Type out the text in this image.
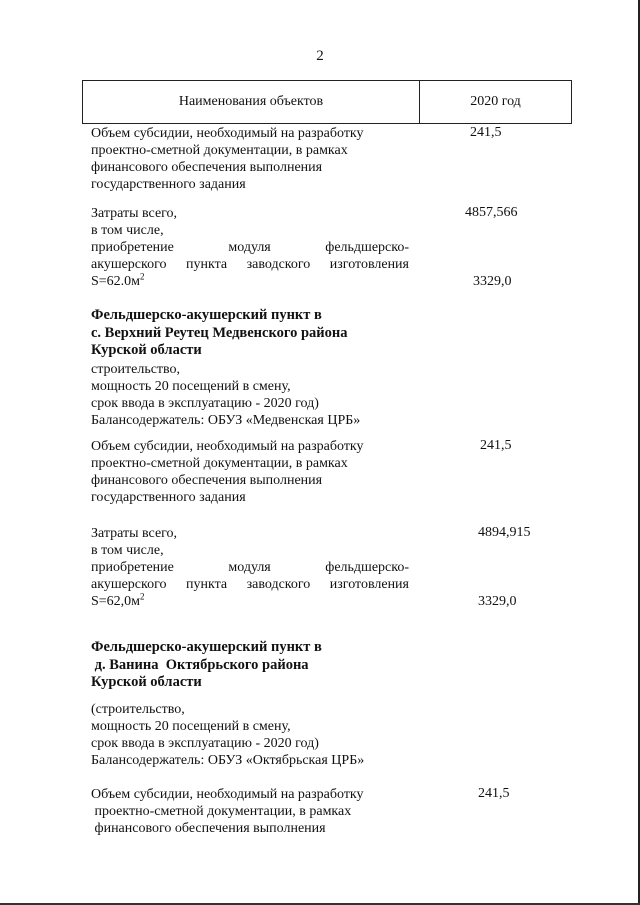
2
Наименования объектов	2020 год
Объем субсидии, необходимый на разработку
проектно-сметной документации, в рамках
финансового обеспечения выполнения
государственного задания
241,5
Затраты всего,
в том числе,
приобретение модуля фельдшерско-
акушерского пункта заводского изготовления
$S=62.0м^2$
4857,566
3329,0
Фельдшерско-акушерский пункт в
с. Верхний Реутец Медвенского района
Курской области
строительство,
мощность 20 посещений в смену,
срок ввода в эксплуатацию - 2020 год)
Балансодержатель: ОБУЗ «Медвенская ЦРБ»
Объем субсидии, необходимый на разработку
проектно-сметной документации, в рамках
финансового обеспечения выполнения
государственного задания
241,5
Затраты всего,
в том числе,
приобретение модуля фельдшерско-
акушерского пункта заводского изготовления
$S=62,0м^2$
4894,915
3329,0
Фельдшерско-акушерский пункт в
д. Ванина  Октябрьского района
Курской области
(строительство,
мощность 20 посещений в смену,
срок ввода в эксплуатацию - 2020 год)
Балансодержатель: ОБУЗ «Октябрьская ЦРБ»
Объем субсидии, необходимый на разработку
проектно-сметной документации, в рамках
финансового обеспечения выполнения
241,5
